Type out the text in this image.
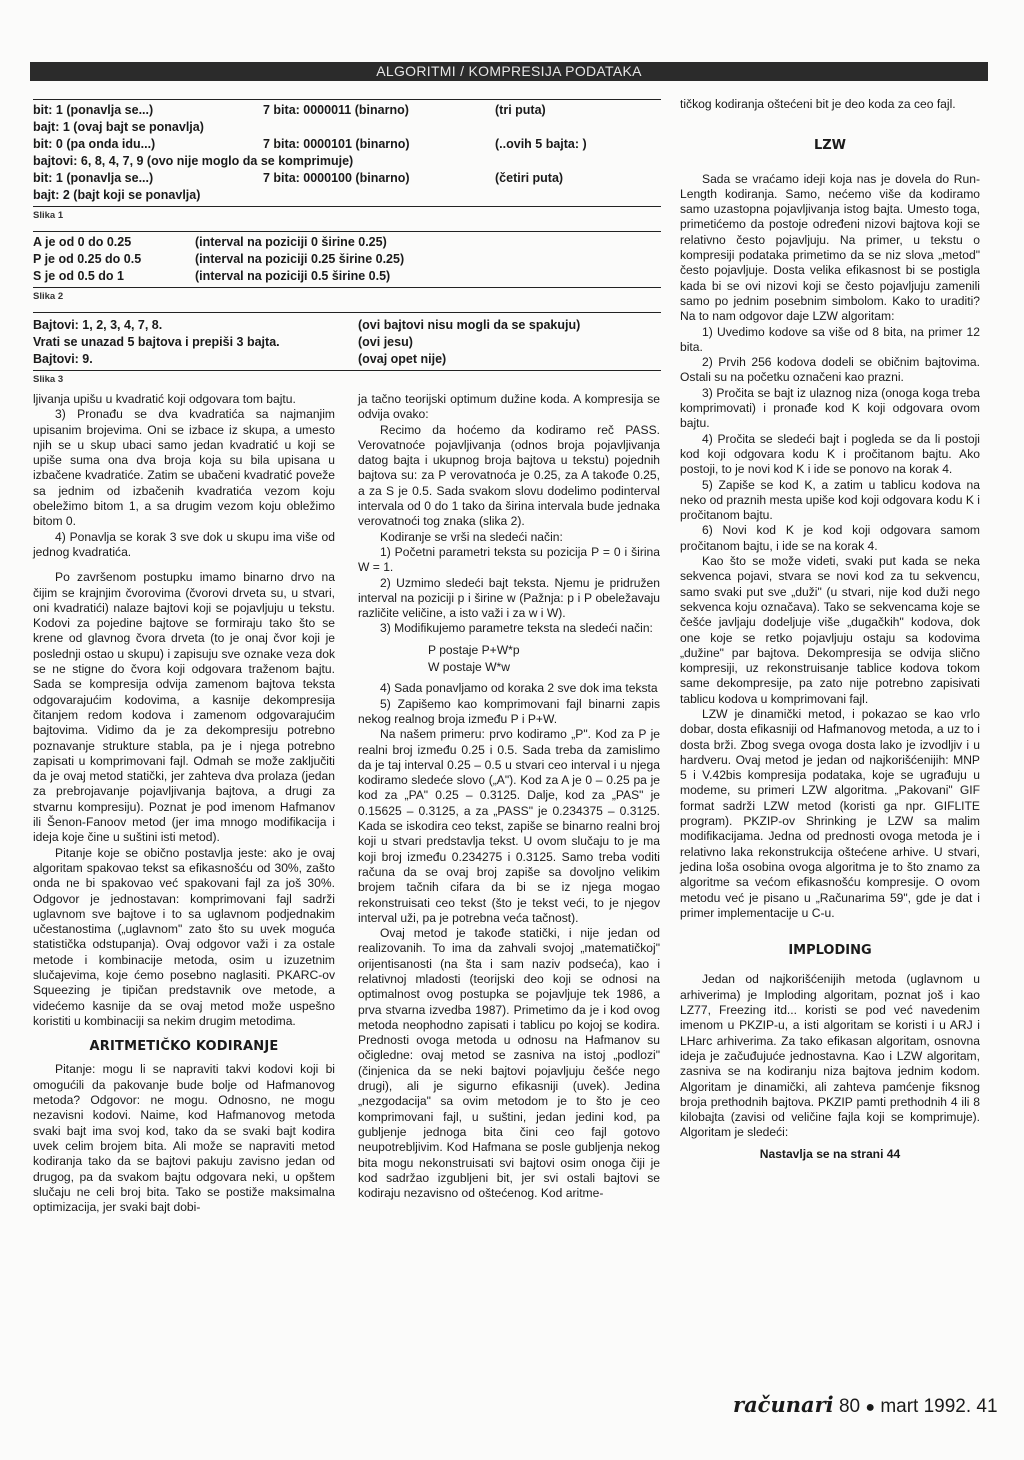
ALGORITMI / KOMPRESIJA PODATAKA
bit: 1 (ponavlja se...)	7 bita: 0000011 (binarno)	(tri puta)
bajt: 1 (ovaj bajt se ponavlja)
bit: 0 (pa onda idu...)	7 bita: 0000101 (binarno)	(..ovih 5 bajta: )
bajtovi: 6, 8, 4, 7, 9 (ovo nije moglo da se komprimuje)
bit: 1 (ponavlja se...)	7 bita: 0000100 (binarno)	(četiri puta)
bajt: 2 (bajt koji se ponavlja)
Slika 1
A je od 0 do 0.25	(interval na poziciji 0 širine 0.25)
P je od 0.25 do 0.5	(interval na poziciji 0.25 širine 0.25)
S je od 0.5 do 1	(interval na poziciji 0.5 širine 0.5)
Slika 2
Bajtovi: 1, 2, 3, 4, 7, 8.	(ovi bajtovi nisu mogli da se spakuju)
Vrati se unazad 5 bajtova i prepiši 3 bajta.	(ovi jesu)
Bajtovi: 9.	(ovaj opet nije)
Slika 3

ljivanja upišu u kvadratić koji odgovara tom bajtu.

3) Pronađu se dva kvadratića sa najmanjim upisanim brojevima. Oni se izbace iz skupa, a umesto njih se u skup ubaci samo jedan kvadratić u koji se upiše suma ona dva broja koja su bila upisana u izbačene kvadratiće. Zatim se ubačeni kvadratić poveže sa jednim od izbačenih kvadratića vezom koju obeležimo bitom 1, a sa drugim vezom koju obležimo bitom 0.

4) Ponavlja se korak 3 sve dok u skupu ima više od jednog kvadratića.

Po završenom postupku imamo binarno drvo na čijim se krajnjim čvorovima (čvorovi drveta su, u stvari, oni kvadratići) nalaze bajtovi koji se pojavljuju u tekstu. Kodovi za pojedine bajtove se formiraju tako što se krene od glavnog čvora drveta (to je onaj čvor koji je poslednji ostao u skupu) i zapisuju sve oznake veza dok se ne stigne do čvora koji odgovara traženom bajtu. Sada se kompresija odvija zamenom bajtova teksta odgovarajućim kodovima, a kasnije dekompresija čitanjem redom kodova i zamenom odgovarajućim bajtovima. Vidimo da je za dekompresiju potrebno poznavanje strukture stabla, pa je i njega potrebno zapisati u komprimovani fajl. Odmah se može zaključiti da je ovaj metod statički, jer zahteva dva prolaza (jedan za prebrojavanje pojavljivanja bajtova, a drugi za stvarnu kompresiju). Poznat je pod imenom Hafmanov ili Šenon-Fanoov metod (jer ima mnogo modifikacija i ideja koje čine u suštini isti metod).

Pitanje koje se obično postavlja jeste: ako je ovaj algoritam spakovao tekst sa efikasnošću od 30%, zašto onda ne bi spakovao već spakovani fajl za još 30%. Odgovor je jednostavan: komprimovani fajl sadrži uglavnom sve bajtove i to sa uglavnom podjednakim učestanostima („uglavnom" zato što su uvek moguća statistička odstupanja). Ovaj odgovor važi i za ostale metode i kombinacije metoda, osim u izuzetnim slučajevima, koje ćemo posebno naglasiti. PKARC-ov Squeezing je tipičan predstavnik ove metode, a videćemo kasnije da se ovaj metod može uspešno koristiti u kombinaciji sa nekim drugim metodima.

ARITMETIČKO KODIRANJE

Pitanje: mogu li se napraviti takvi kodovi koji bi omogućili da pakovanje bude bolje od Hafmanovog metoda? Odgovor: ne mogu. Odnosno, ne mogu nezavisni kodovi. Naime, kod Hafmanovog metoda svaki bajt ima svoj kod, tako da se svaki bajt kodira uvek celim brojem bita. Ali može se napraviti metod kodiranja tako da se bajtovi pakuju zavisno jedan od drugog, pa da svakom bajtu odgovara neki, u opštem slučaju ne celi broj bita. Tako se postiže maksimalna optimizacija, jer svaki bajt dobi-

ja tačno teorijski optimum dužine koda. A kompresija se odvija ovako:

Recimo da hoćemo da kodiramo reč PASS. Verovatnoće pojavljivanja (odnos broja pojavljivanja datog bajta i ukupnog broja bajtova u tekstu) pojednih bajtova su: za P verovatnoća je 0.25, za A takođe 0.25, a za S je 0.5. Sada svakom slovu dodelimo podinterval intervala od 0 do 1 tako da širina intervala bude jednaka verovatnoći tog znaka (slika 2).

Kodiranje se vrši na sledeći način:

1) Početni parametri teksta su pozicija P = 0 i širina W = 1.

2) Uzmimo sledeći bajt teksta. Njemu je pridružen interval na poziciji p i širine w (Pažnja: p i P obeležavaju različite veličine, a isto važi i za w i W).

3) Modifikujemo parametre teksta na sledeći način:

P postaje P+W*p
W postaje W*w

4) Sada ponavljamo od koraka 2 sve dok ima teksta

5) Zapišemo kao komprimovani fajl binarni zapis nekog realnog broja između P i P+W.

Na našem primeru: prvo kodiramo „P". Kod za P je realni broj između 0.25 i 0.5. Sada treba da zamislimo da je taj interval 0.25 – 0.5 u stvari ceo interval i u njega kodiramo sledeće slovo („A"). Kod za A je 0 – 0.25 pa je kod za „PA" 0.25 – 0.3125. Dalje, kod za „PAS" je 0.15625 – 0.3125, a za „PASS" je 0.234375 – 0.3125. Kada se iskodira ceo tekst, zapiše se binarno realni broj koji u stvari predstavlja tekst. U ovom slučaju to je ma koji broj između 0.234275 i 0.3125. Samo treba voditi računa da se ovaj broj zapiše sa dovoljno velikim brojem tačnih cifara da bi se iz njega mogao rekonstruisati ceo tekst (što je tekst veći, to je njegov interval uži, pa je potrebna veća tačnost).

Ovaj metod je takođe statički, i nije jedan od realizovanih. To ima da zahvali svojoj „matematičkoj" orijentisanosti (na šta i sam naziv podseća), kao i relativnoj mladosti (teorijski deo koji se odnosi na optimalnost ovog postupka se pojavljuje tek 1986, a prva stvarna izvedba 1987). Primetimo da je i kod ovog metoda neophodno zapisati i tablicu po kojoj se kodira. Prednosti ovoga metoda u odnosu na Hafmanov su očigledne: ovaj metod se zasniva na istoj „podlozi" (činjenica da se neki bajtovi pojavljuju češće nego drugi), ali je sigurno efikasniji (uvek). Jedina „nezgodacija" sa ovim metodom je to što je ceo komprimovani fajl, u suštini, jedan jedini kod, pa gubljenje jednoga bita čini ceo fajl gotovo neupotrebljivim. Kod Hafmana se posle gubljenja nekog bita mogu nekonstruisati svi bajtovi osim onoga čiji je kod sadržao izgubljeni bit, jer svi ostali bajtovi se kodiraju nezavisno od oštećenog. Kod aritme-

tičkog kodiranja oštećeni bit je deo koda za ceo fajl.

LZW

Sada se vraćamo ideji koja nas je dovela do Run-Length kodiranja. Samo, nećemo više da kodiramo samo uzastopna pojavljivanja istog bajta. Umesto toga, primetićemo da postoje određeni nizovi bajtova koji se relativno često pojavljuju. Na primer, u tekstu o kompresiji podataka primetimo da se niz slova „metod" često pojavljuje. Dosta velika efikasnost bi se postigla kada bi se ovi nizovi koji se često pojavljuju zamenili samo po jednim posebnim simbolom. Kako to uraditi? Na to nam odgovor daje LZW algoritam:

1) Uvedimo kodove sa više od 8 bita, na primer 12 bita.

2) Prvih 256 kodova dodeli se običnim bajtovima. Ostali su na početku označeni kao prazni.

3) Pročita se bajt iz ulaznog niza (onoga koga treba komprimovati) i pronađe kod K koji odgovara ovom bajtu.

4) Pročita se sledeći bajt i pogleda se da li postoji kod koji odgovara kodu K i pročitanom bajtu. Ako postoji, to je novi kod K i ide se ponovo na korak 4.

5) Zapiše se kod K, a zatim u tablicu kodova na neko od praznih mesta upiše kod koji odgovara kodu K i pročitanom bajtu.

6) Novi kod K je kod koji odgovara samom pročitanom bajtu, i ide se na korak 4.

Kao što se može videti, svaki put kada se neka sekvenca pojavi, stvara se novi kod za tu sekvencu, samo svaki put sve „duži" (u stvari, nije kod duži nego sekvenca koju označava). Tako se sekvencama koje se češće javljaju dodeljuje više „dugačkih" kodova, dok one koje se retko pojavljuju ostaju sa kodovima „dužine" par bajtova. Dekompresija se odvija slično kompresiji, uz rekonstruisanje tablice kodova tokom same dekompresije, pa zato nije potrebno zapisivati tablicu kodova u komprimovani fajl.

LZW je dinamički metod, i pokazao se kao vrlo dobar, dosta efikasniji od Hafmanovog metoda, a uz to i dosta brži. Zbog svega ovoga dosta lako je izvodljiv i u hardveru. Ovaj metod je jedan od najkorišćenijih: MNP 5 i V.42bis kompresija podataka, koje se ugrađuju u modeme, su primeri LZW algoritma. „Pakovani" GIF format sadrži LZW metod (koristi ga npr. GIFLITE program). PKZIP-ov Shrinking je LZW sa malim modifikacijama. Jedna od prednosti ovoga metoda je i relativno laka rekonstrukcija oštećene arhive. U stvari, jedina loša osobina ovoga algoritma je to što znamo za algoritme sa većom efikasnošću kompresije. O ovom metodu već je pisano u „Računarima 59", gde je dat i primer implementacije u C-u.

IMPLODING

Jedan od najkorišćenijih metoda (uglavnom u arhiverima) je Imploding algoritam, poznat još i kao LZ77, Freezing itd... koristi se pod već navedenim imenom u PKZIP-u, a isti algoritam se koristi i u ARJ i LHarc arhiverima. Za tako efikasan algoritam, osnovna ideja je začuđujuće jednostavna. Kao i LZW algoritam, zasniva se na kodiranju niza bajtova jednim kodom. Algoritam je dinamički, ali zahteva pamćenje fiksnog broja prethodnih bajtova. PKZIP pamti prethodnih 4 ili 8 kilobajta (zavisi od veličine fajla koji se komprimuje). Algoritam je sledeći:

Nastavlja se na strani 44
računari 80 ● mart 1992. 41
